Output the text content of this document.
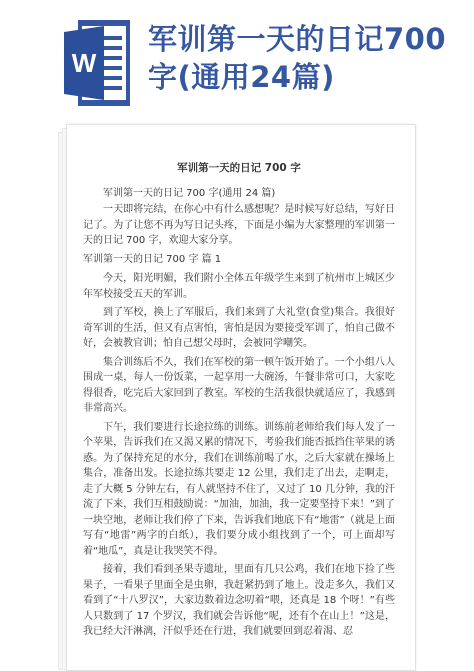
W
军训第一天的日记700字(通用24篇)
军训第一天的日记 700 字
军训第一天的日记 700 字(通用 24 篇)

一天即将完结，在你心中有什么感想呢？是时候写好总结，写好日记了。为了让您不再为写日记头疼，下面是小编为大家整理的军训第一天的日记 700 字，欢迎大家分享。

军训第一天的日记 700 字 篇 1

今天，阳光明媚，我们附小全体五年级学生来到了杭州市上城区少年军校接受五天的军训。

到了军校，换上了军服后，我们来到了大礼堂(食堂)集合。我很好奇军训的生活，但又有点害怕，害怕是因为要接受军训了，怕自己做不好，会被教官训；怕自己想父母时，会被同学嘲笑。

集合训练后不久，我们在军校的第一顿午饭开始了。一个小组八人围成一桌，每人一份饭菜，一起享用一大碗汤，午餐非常可口，大家吃得很香，吃完后大家回到了教室。军校的生活我很快就适应了，我感到非常高兴。

下午，我们要进行长途拉练的训练。训练前老师给我们每人发了一个苹果，告诉我们在又渴又累的情况下，考验我们能否抵挡住苹果的诱惑。为了保持充足的水分，我们在训练前喝了水，之后大家就在操场上集合，准备出发。长途拉练共要走 12 公里，我们走了出去，走啊走，走了大概 5 分钟左右，有人就坚持不住了，又过了 10 几分钟，我的汗流了下来，我们互相鼓励说：“加油，加油，我一定要坚持下来！”到了一块空地，老师让我们停了下来，告诉我们地底下有“地雷”（就是上面写有“地雷”两字的白纸），我们要分成小组找到了一个，可上面却写着“地瓜”，真是让我哭笑不得。

接着，我们看到圣果寺遗址，里面有几只公鸡，我们在地下捡了些果子，一看果子里面全是虫卵，我赶紧扔到了地上。没走多久，我们又看到了“十八罗汉”，大家边数着边念叨着“喂，还真是 18 个呀！”有些人只数到了 17 个罗汉，我们就会告诉他“呢，还有个在山上！”这是，我已经大汗淋漓，汗似乎还在行进，我们就要回到忍着渴、忍
